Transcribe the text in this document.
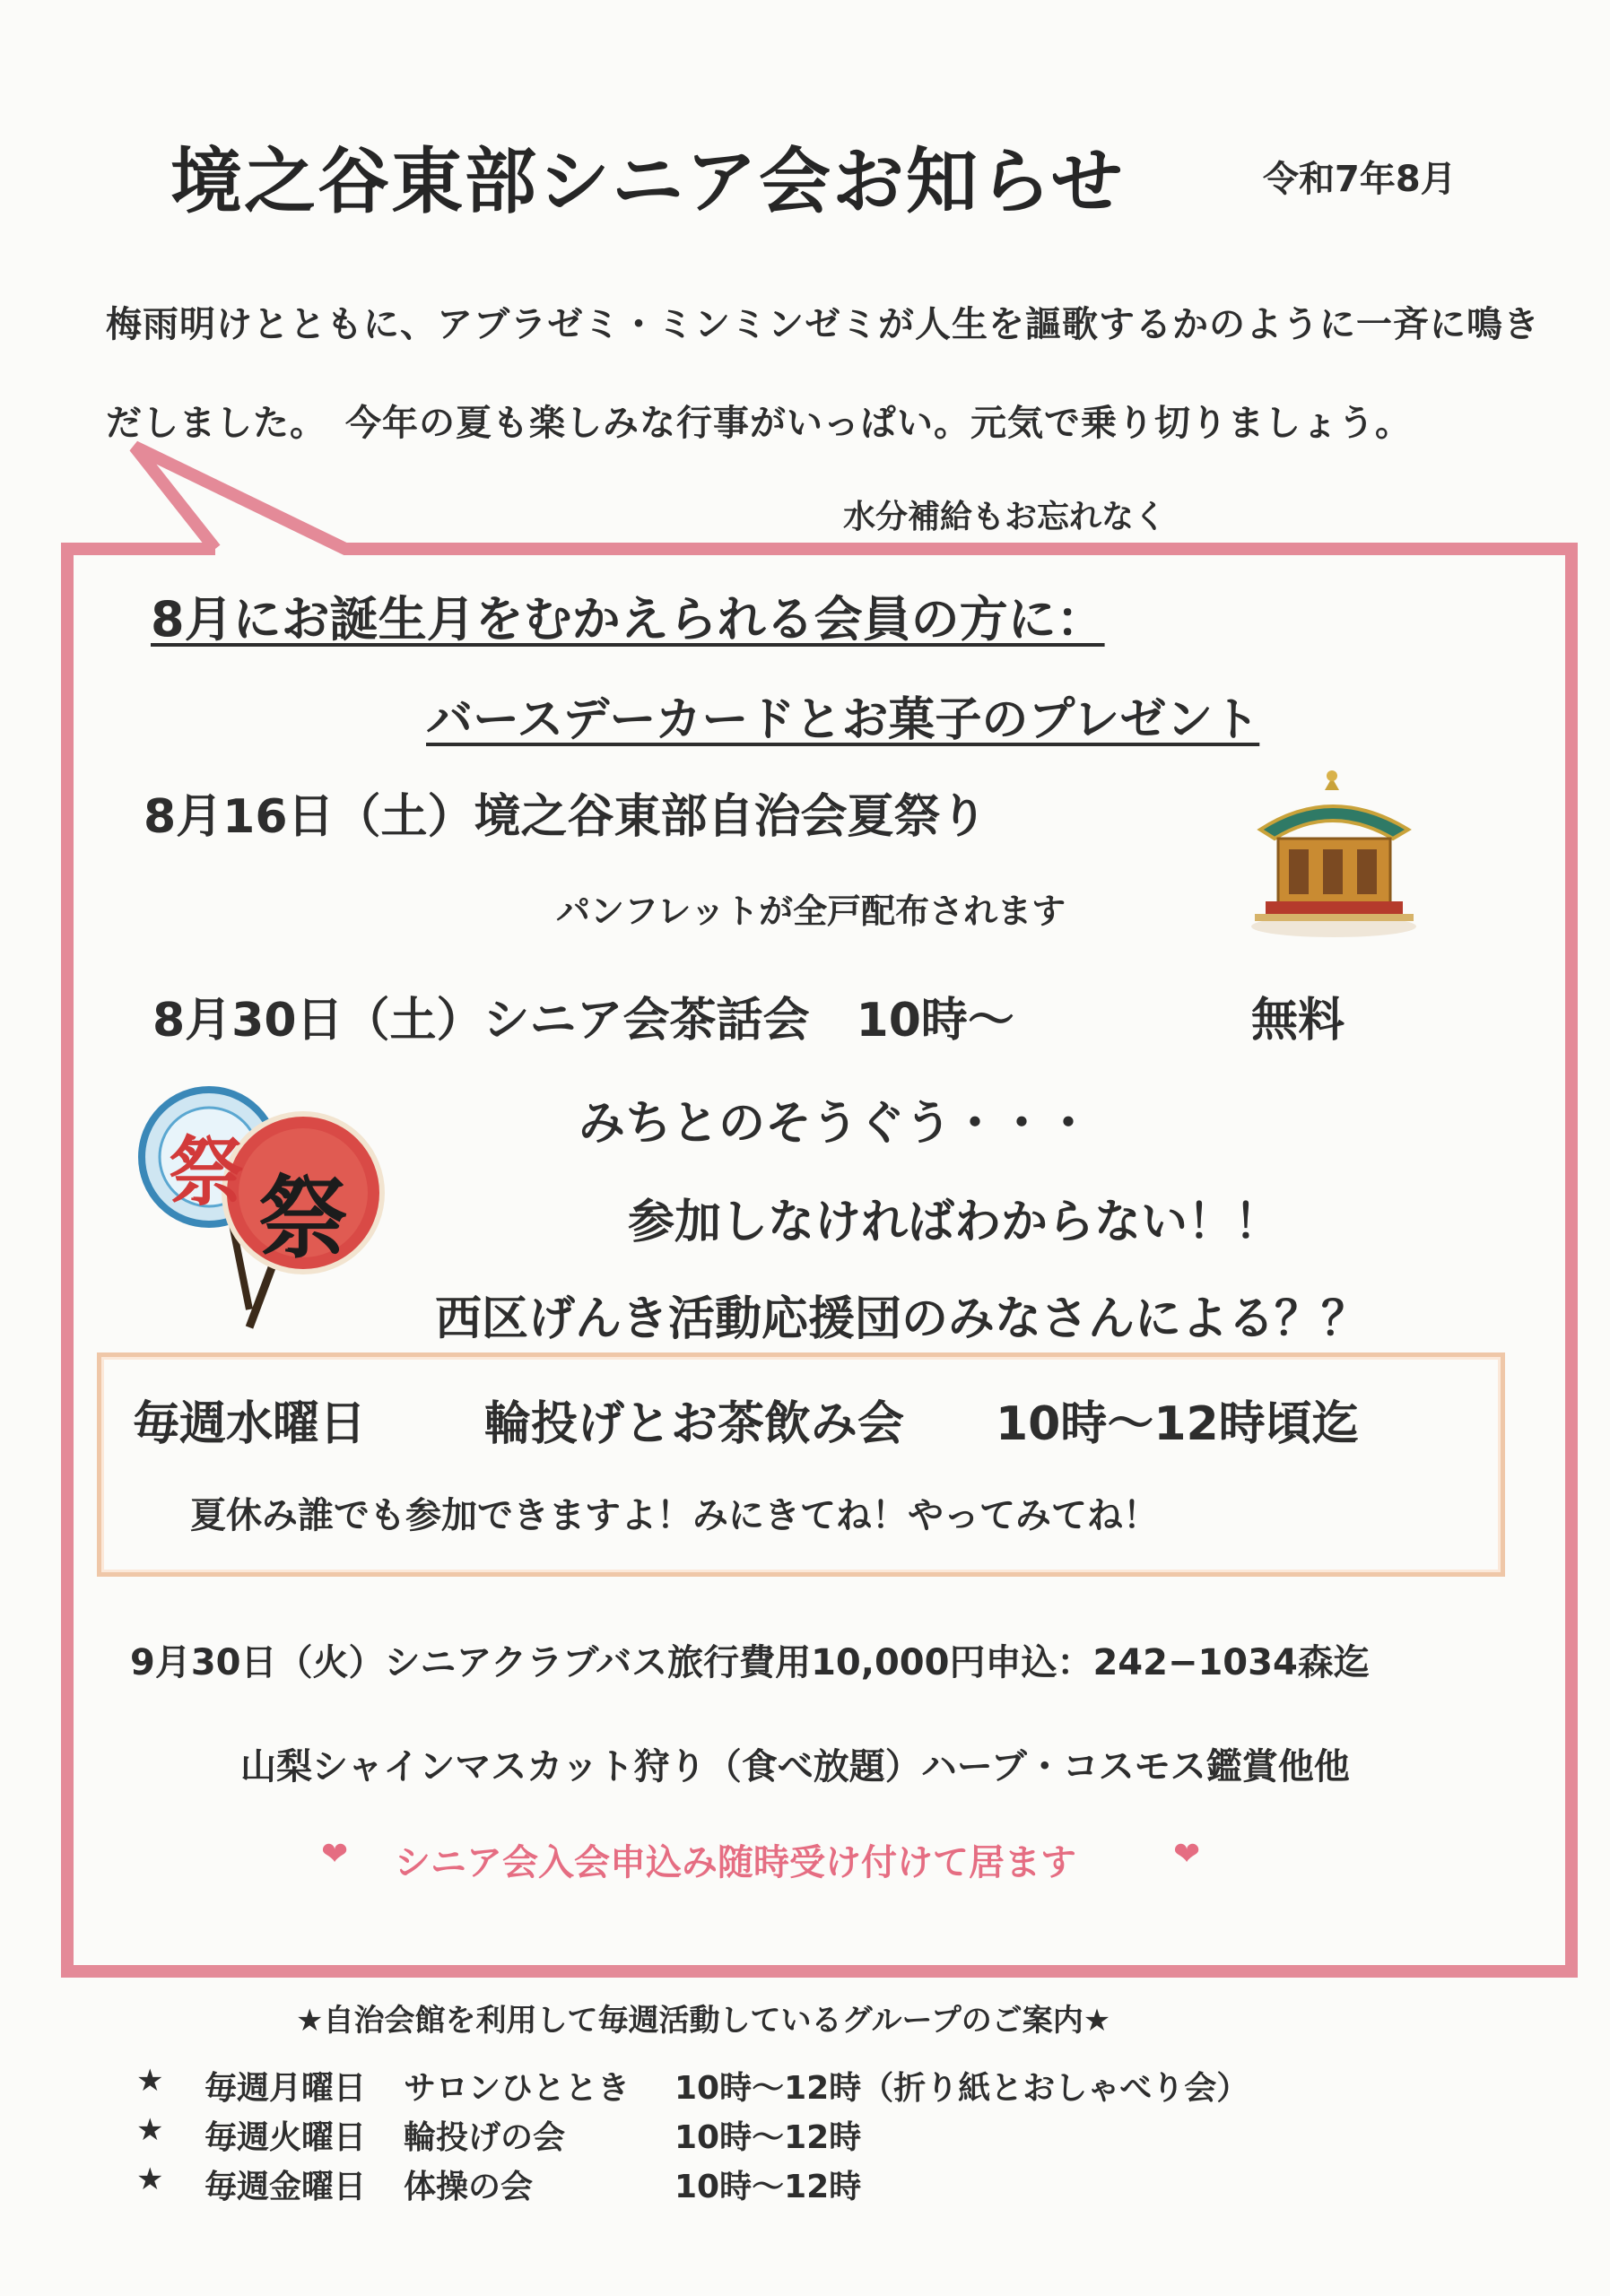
境之谷東部シニア会お知らせ	令和7年8月
梅雨明けとともに、アブラゼミ・ミンミンゼミが人生を謳歌するかのように一斉に鳴き
だしました。　今年の夏も楽しみな行事がいっぱい。元気で乗り切りましょう。
水分補給もお忘れなく
8月にお誕生月をむかえられる会員の方に：
バースデーカードとお菓子のプレゼント
8月16日（土）境之谷東部自治会夏祭り
パンフレットが全戸配布されます
8月30日（土）シニア会茶話会　10時～	無料
みちとのそうぐう・・・
参加しなければわからない！！
西区げんき活動応援団のみなさんによる？？
祭 祭
毎週水曜日	輪投げとお茶飲み会 10時～12時頃迄
夏休み誰でも参加できますよ！みにきてね！やってみてね！
9月30日（火）シニアクラブバス旅行費用10,000円申込：242−1034森迄
山梨シャインマスカット狩り（食べ放題）ハーブ・コスモス鑑賞他他
❤ シニア会入会申込み随時受け付けて居ます	❤
★自治会館を利用して毎週活動しているグループのご案内★
★ 毎週月曜日 サロンひととき 10時～12時（折り紙とおしゃべり会）
★ 毎週火曜日 輪投げの会	10時～12時
★ 毎週金曜日 体操の会	10時～12時
